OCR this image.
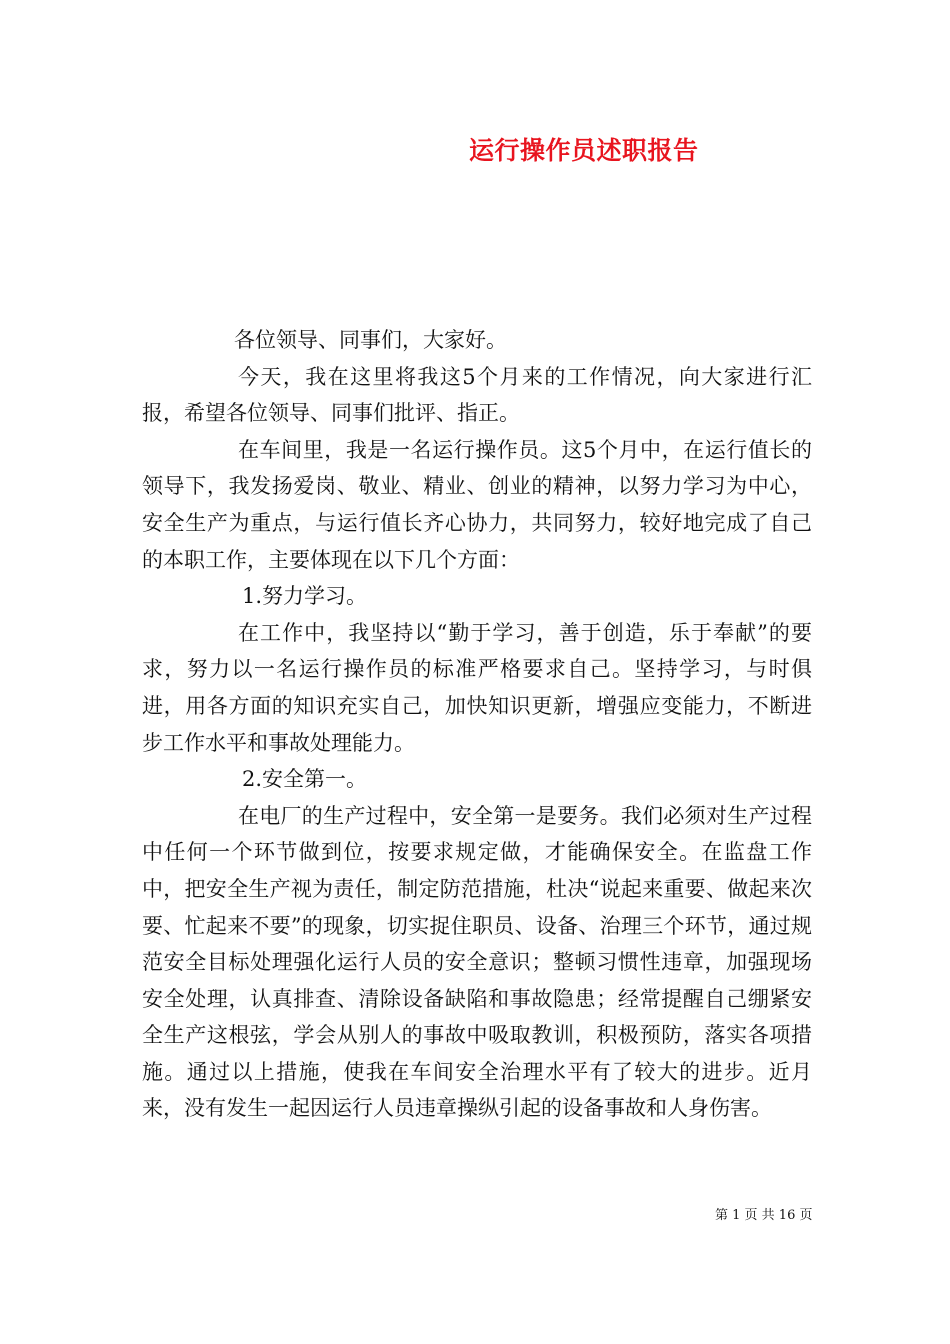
运行操作员述职报告

各位领导、同事们，大家好。

今天，我在这里将我这5个月来的工作情况，向大家进行汇报，希望各位领导、同事们批评、指正。

在车间里，我是一名运行操作员。这5个月中，在运行值长的领导下，我发扬爱岗、敬业、精业、创业的精神，以努力学习为中心，安全生产为重点，与运行值长齐心协力，共同努力，较好地完成了自己的本职工作，主要体现在以下几个方面：

1.努力学习。

在工作中，我坚持以“勤于学习，善于创造，乐于奉献”的要求，努力以一名运行操作员的标准严格要求自己。坚持学习，与时俱进，用各方面的知识充实自己，加快知识更新，增强应变能力，不断进步工作水平和事故处理能力。

2.安全第一。

在电厂的生产过程中，安全第一是要务。我们必须对生产过程中任何一个环节做到位，按要求规定做，才能确保安全。在监盘工作中，把安全生产视为责任，制定防范措施，杜决“说起来重要、做起来次要、忙起来不要”的现象，切实捉住职员、设备、治理三个环节，通过规范安全目标处理强化运行人员的安全意识；整顿习惯性违章，加强现场安全处理，认真排查、清除设备缺陷和事故隐患；经常提醒自己绷紧安全生产这根弦，学会从别人的事故中吸取教训，积极预防，落实各项措施。通过以上措施，使我在车间安全治理水平有了较大的进步。近月来，没有发生一起因运行人员违章操纵引起的设备事故和人身伤害。

第 1 页 共 16 页
